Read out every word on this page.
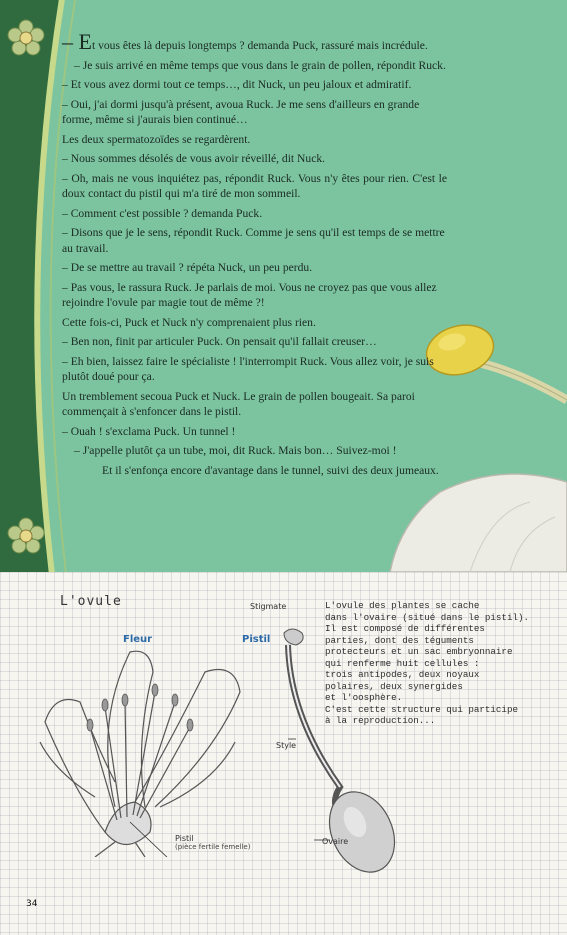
– Et vous êtes là depuis longtemps ? demanda Puck, rassuré mais incrédule.

– Je suis arrivé en même temps que vous dans le grain de pollen, répondit Ruck.

– Et vous avez dormi tout ce temps…, dit Nuck, un peu jaloux et admiratif.

– Oui, j'ai dormi jusqu'à présent, avoua Ruck. Je me sens d'ailleurs en grande forme, même si j'aurais bien continué…

Les deux spermatozoïdes se regardèrent.

– Nous sommes désolés de vous avoir réveillé, dit Nuck.

– Oh, mais ne vous inquiétez pas, répondit Ruck. Vous n'y êtes pour rien. C'est le doux contact du pistil qui m'a tiré de mon sommeil.

– Comment c'est possible ? demanda Puck.

– Disons que je le sens, répondit Ruck. Comme je sens qu'il est temps de se mettre au travail.

– De se mettre au travail ? répéta Nuck, un peu perdu.

– Pas vous, le rassura Ruck. Je parlais de moi. Vous ne croyez pas que vous allez rejoindre l'ovule par magie tout de même ?!

Cette fois-ci, Puck et Nuck n'y comprenaient plus rien.

– Ben non, finit par articuler Puck. On pensait qu'il fallait creuser…

– Eh bien, laissez faire le spécialiste ! l'interrompit Ruck. Vous allez voir, je suis plutôt doué pour ça.

Un tremblement secoua Puck et Nuck. Le grain de pollen bougeait. Sa paroi commençait à s'enfoncer dans le pistil.

– Ouah ! s'exclama Puck. Un tunnel !

– J'appelle plutôt ça un tube, moi, dit Ruck. Mais bon… Suivez-moi !

Et il s'enfonça encore d'avantage dans le tunnel, suivi des deux jumeaux.

L'ovule
Fleur	Pistil
Stigmate
Style
Ovaire
Pistil
(pièce fertile femelle)
L'ovule des plantes se cache
dans l'ovaire (situé dans le pistil).
Il est composé de différentes
parties, dont des téguments
protecteurs et un sac embryonnaire
qui renferme huit cellules :
trois antipodes, deux noyaux
polaires, deux synergides
et l'oosphère.
C'est cette structure qui participe
à la reproduction...
34
